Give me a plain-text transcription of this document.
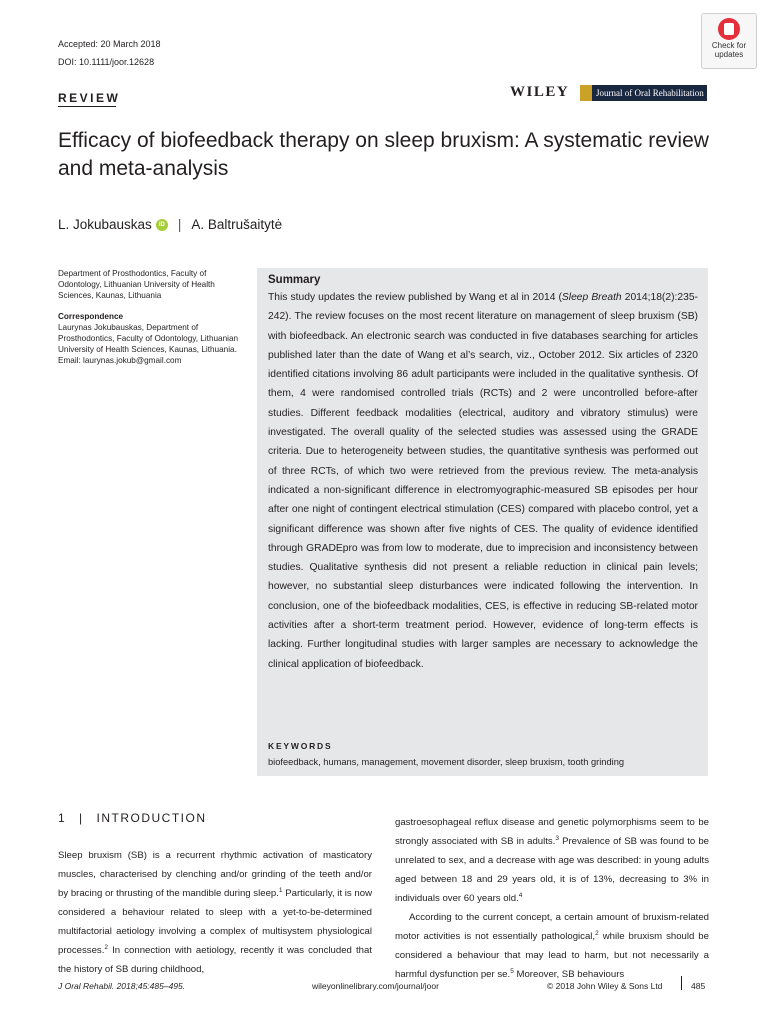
Accepted: 20 March 2018
DOI: 10.1111/joor.12628
Check for
updates
REVIEW	WILEY	Journal of Oral Rehabilitation
Efficacy of biofeedback therapy on sleep bruxism: A systematic review and meta-analysis
L. Jokubauskas	iD | A. Baltrušaitytė
Department of Prosthodontics, Faculty of Odontology, Lithuanian University of Health Sciences, Kaunas, Lithuania
Correspondence
Laurynas Jokubauskas, Department of Prosthodontics, Faculty of Odontology, Lithuanian University of Health Sciences, Kaunas, Lithuania.
Email: laurynas.jokub@gmail.com
Summary
This study updates the review published by Wang et al in 2014 (Sleep Breath 2014;18(2):235-242). The review focuses on the most recent literature on management of sleep bruxism (SB) with biofeedback. An electronic search was conducted in five databases searching for articles published later than the date of Wang et al’s search, viz., October 2012. Six articles of 2320 identified citations involving 86 adult participants were included in the qualitative synthesis. Of them, 4 were randomised controlled trials (RCTs) and 2 were uncontrolled before-after studies. Different feedback modalities (electrical, auditory and vibratory stimulus) were investigated. The overall quality of the selected studies was assessed using the GRADE criteria. Due to heterogeneity between studies, the quantitative synthesis was performed out of three RCTs, of which two were retrieved from the previous review. The meta-analysis indicated a non-significant difference in electromyographic-measured SB episodes per hour after one night of contingent electrical stimulation (CES) compared with placebo control, yet a significant difference was shown after five nights of CES. The quality of evidence identified through GRADEpro was from low to moderate, due to imprecision and inconsistency between studies. Qualitative synthesis did not present a reliable reduction in clinical pain levels; however, no substantial sleep disturbances were indicated following the intervention. In conclusion, one of the biofeedback modalities, CES, is effective in reducing SB-related motor activities after a short-term treatment period. However, evidence of long-term effects is lacking. Further longitudinal studies with larger samples are necessary to acknowledge the clinical application of biofeedback.
KEYWORDS
biofeedback, humans, management, movement disorder, sleep bruxism, tooth grinding
1 | INTRODUCTION

Sleep bruxism (SB) is a recurrent rhythmic activation of masticatory muscles, characterised by clenching and/or grinding of the teeth and/or by bracing or thrusting of the mandible during sleep.$^1$ Particularly, it is now considered a behaviour related to sleep with a yet-to-be-determined multifactorial aetiology involving a complex of multisystem physiological processes.$^2$ In connection with aetiology, recently it was concluded that the history of SB during childhood,

gastroesophageal reflux disease and genetic polymorphisms seem to be strongly associated with SB in adults.$^3$ Prevalence of SB was found to be unrelated to sex, and a decrease with age was described: in young adults aged between 18 and 29 years old, it is of 13%, decreasing to 3% in individuals over 60 years old.$^4$

According to the current concept, a certain amount of bruxism-related motor activities is not essentially pathological,$^2$ while bruxism should be considered a behaviour that may lead to harm, but not necessarily a harmful dysfunction per se.$^5$ Moreover, SB behaviours

J Oral Rehabil. 2018;45:485–495.	wileyonlinelibrary.com/journal/joor	© 2018 John Wiley & Sons Ltd	485
